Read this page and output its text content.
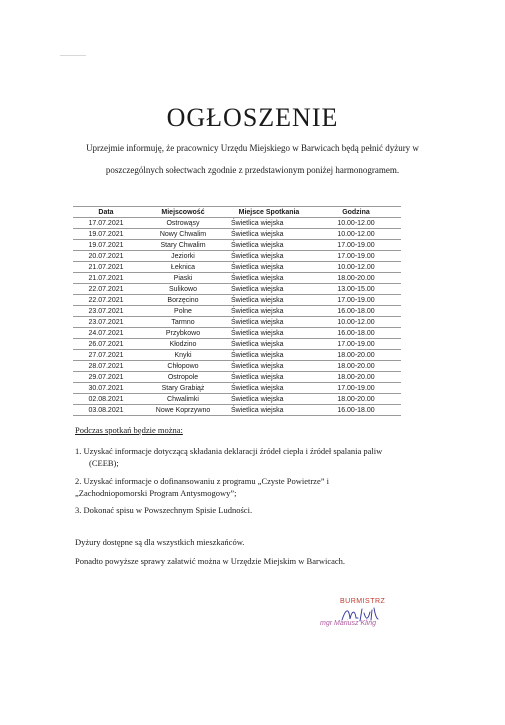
OGŁOSZENIE
Uprzejmie informuję, że pracownicy Urzędu Miejskiego w Barwicach będą pełnić dyżury w
poszczególnych sołectwach zgodnie z przedstawionym poniżej harmonogramem.
Data	Miejscowość	Miejsce Spotkania	Godzina
17.07.2021	Ostrowąsy	Świetlica wiejska	10.00-12.00
19.07.2021	Nowy Chwalim	Świetlica wiejska	10.00-12.00
19.07.2021	Stary Chwalim	Świetlica wiejska	17.00-19.00
20.07.2021	Jeziorki	Świetlica wiejska	17.00-19.00
21.07.2021	Łeknica	Świetlica wiejska	10.00-12.00
21.07.2021	Piaski	Świetlica wiejska	18.00-20.00
22.07.2021	Sulikowo	Świetlica wiejska	13.00-15.00
22.07.2021	Borzęcino	Świetlica wiejska	17.00-19.00
23.07.2021	Polne	Świetlica wiejska	16.00-18.00
23.07.2021	Tarmno	Świetlica wiejska	10.00-12.00
24.07.2021	Przybkowo	Świetlica wiejska	16.00-18.00
26.07.2021	Kłodzino	Świetlica wiejska	17.00-19.00
27.07.2021	Knyki	Świetlica wiejska	18.00-20.00
28.07.2021	Chłopowo	Świetlica wiejska	18.00-20.00
29.07.2021	Ostropole	Świetlica wiejska	18.00-20.00
30.07.2021	Stary Grabiąż	Świetlica wiejska	17.00-19.00
02.08.2021	Chwalimki	Świetlica wiejska	18.00-20.00
03.08.2021	Nowe Koprzywno	Świetlica wiejska	16.00-18.00
Podczas spotkań będzie można:
1. Uzyskać informacje dotyczącą składania deklaracji źródeł ciepła i źródeł spalania paliw
(CEEB);
2. Uzyskać informacje o dofinansowaniu z programu „Czyste Powietrze” i
„Zachodniopomorski Program Antysmogowy”;
3. Dokonać spisu w Powszechnym Spisie Ludności.
Dyżury dostępne są dla wszystkich mieszkańców.
Ponadto powyższe sprawy załatwić można w Urzędzie Miejskim w Barwicach.
BURMISTRZ
mgr Mariusz Kling
